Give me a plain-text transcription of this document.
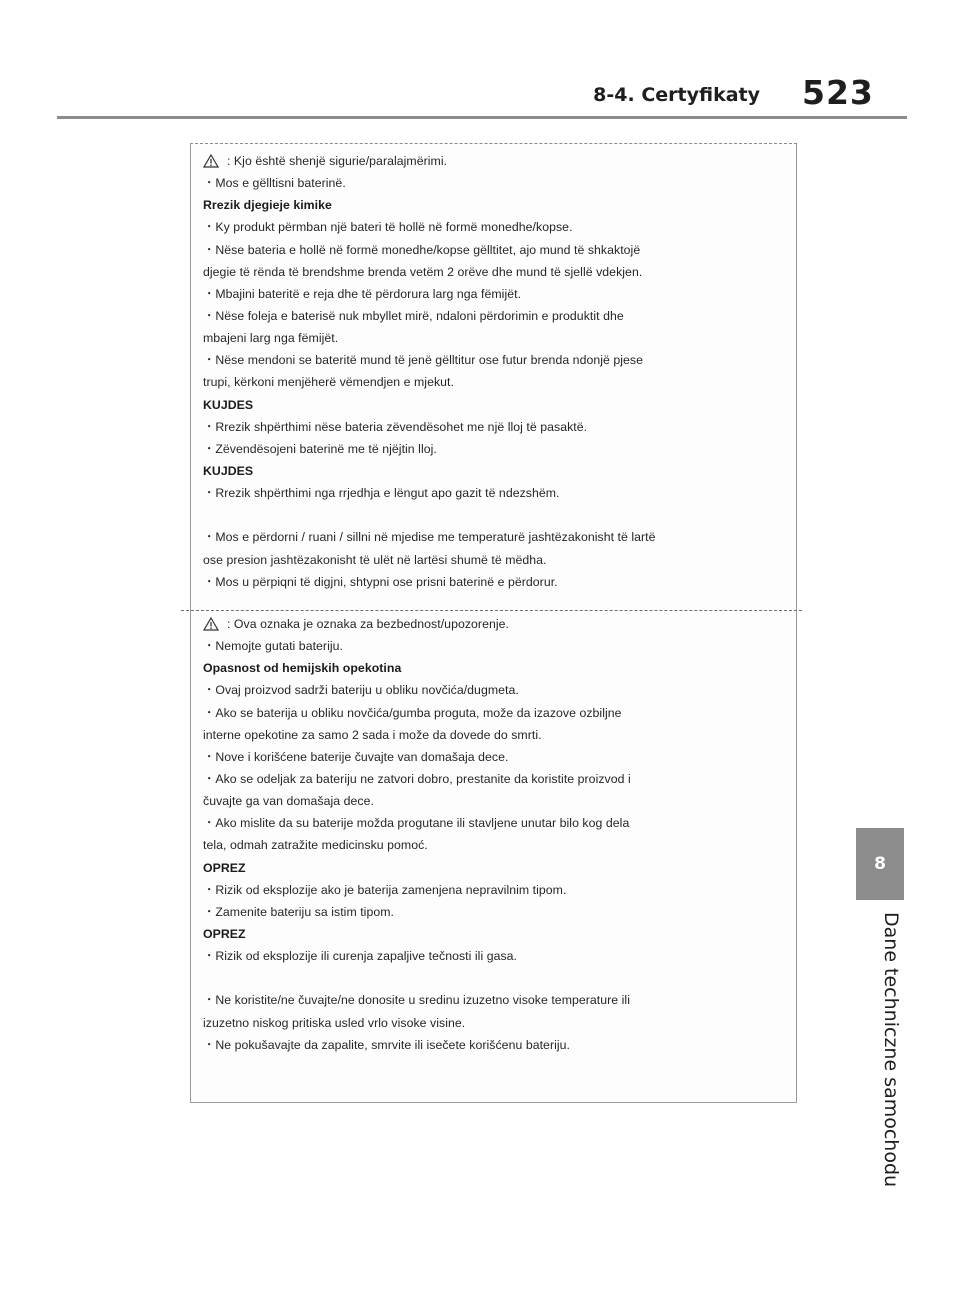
8-4. Certyfikaty 523
8
Dane techniczne samochodu
: Kjo është shenjë sigurie/paralajmërimi.
・Mos e gëlltisni baterinë.
Rrezik djegieje kimike
・Ky produkt përmban një bateri të hollë në formë monedhe/kopse.
・Nëse bateria e hollë në formë monedhe/kopse gëlltitet, ajo mund të shkaktojë
djegie të rënda të brendshme brenda vetëm 2 orëve dhe mund të sjellë vdekjen.
・Mbajini bateritë e reja dhe të përdorura larg nga fëmijët.
・Nëse foleja e baterisë nuk mbyllet mirë, ndaloni përdorimin e produktit dhe
mbajeni larg nga fëmijët.
・Nëse mendoni se bateritë mund të jenë gëlltitur ose futur brenda ndonjë pjese
trupi, kërkoni menjëherë vëmendjen e mjekut.
KUJDES
・Rrezik shpërthimi nëse bateria zëvendësohet me një lloj të pasaktë.
・Zëvendësojeni baterinë me të njëjtin lloj.
KUJDES
・Rrezik shpërthimi nga rrjedhja e lëngut apo gazit të ndezshëm.
・Mos e përdorni / ruani / sillni në mjedise me temperaturë jashtëzakonisht të lartë
ose presion jashtëzakonisht të ulët në lartësi shumë të mëdha.
・Mos u përpiqni të digjni, shtypni ose prisni baterinë e përdorur.
: Ova oznaka je oznaka za bezbednost/upozorenje.
・Nemojte gutati bateriju.
Opasnost od hemijskih opekotina
・Ovaj proizvod sadrži bateriju u obliku novčića/dugmeta.
・Ako se baterija u obliku novčića/gumba proguta, može da izazove ozbiljne
interne opekotine za samo 2 sada i može da dovede do smrti.
・Nove i korišćene baterije čuvajte van domašaja dece.
・Ako se odeljak za bateriju ne zatvori dobro, prestanite da koristite proizvod i
čuvajte ga van domašaja dece.
・Ako mislite da su baterije možda progutane ili stavljene unutar bilo kog dela
tela, odmah zatražite medicinsku pomoć.
OPREZ
・Rizik od eksplozije ako je baterija zamenjena nepravilnim tipom.
・Zamenite bateriju sa istim tipom.
OPREZ
・Rizik od eksplozije ili curenja zapaljive tečnosti ili gasa.
・Ne koristite/ne čuvajte/ne donosite u sredinu izuzetno visoke temperature ili
izuzetno niskog pritiska usled vrlo visoke visine.
・Ne pokušavajte da zapalite, smrvite ili isečete korišćenu bateriju.
